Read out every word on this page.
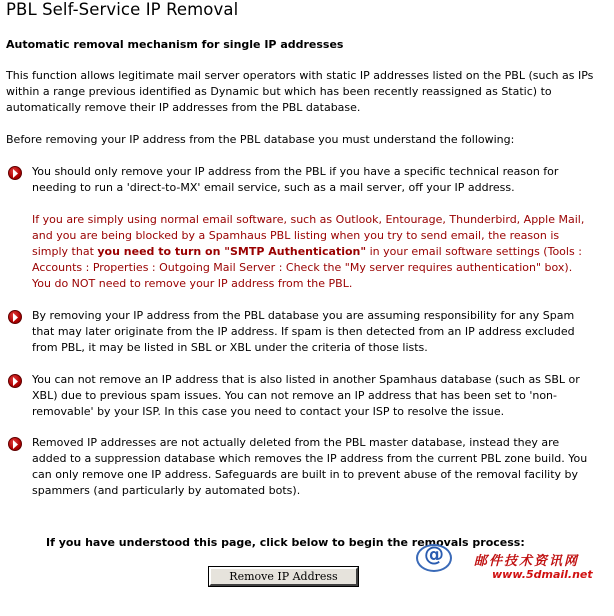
PBL Self-Service IP Removal
Automatic removal mechanism for single IP addresses
This function allows legitimate mail server operators with static IP addresses listed on the PBL (such as IPs within a range previous identified as Dynamic but which has been recently reassigned as Static) to automatically remove their IP addresses from the PBL database.
Before removing your IP address from the PBL database you must understand the following:
You should only remove your IP address from the PBL if you have a specific technical reason for needing to run a 'direct-to-MX' email service, such as a mail server, off your IP address.
If you are simply using normal email software, such as Outlook, Entourage, Thunderbird, Apple Mail, and you are being blocked by a Spamhaus PBL listing when you try to send email, the reason is simply that you need to turn on "SMTP Authentication" in your email software settings (Tools : Accounts : Properties : Outgoing Mail Server : Check the "My server requires authentication" box). You do NOT need to remove your IP address from the PBL.
By removing your IP address from the PBL database you are assuming responsibility for any Spam that may later originate from the IP address. If spam is then detected from an IP address excluded from PBL, it may be listed in SBL or XBL under the criteria of those lists.
You can not remove an IP address that is also listed in another Spamhaus database (such as SBL or XBL) due to previous spam issues. You can not remove an IP address that has been set to 'non-removable' by your ISP. In this case you need to contact your ISP to resolve the issue.
Removed IP addresses are not actually deleted from the PBL master database, instead they are added to a suppression database which removes the IP address from the current PBL zone build. You can only remove one IP address. Safeguards are built in to prevent abuse of the removal facility by spammers (and particularly by automated bots).
If you have understood this page, click below to begin the removals process:
Remove IP Address
@ 邮件技术资讯网
www.5dmail.net
